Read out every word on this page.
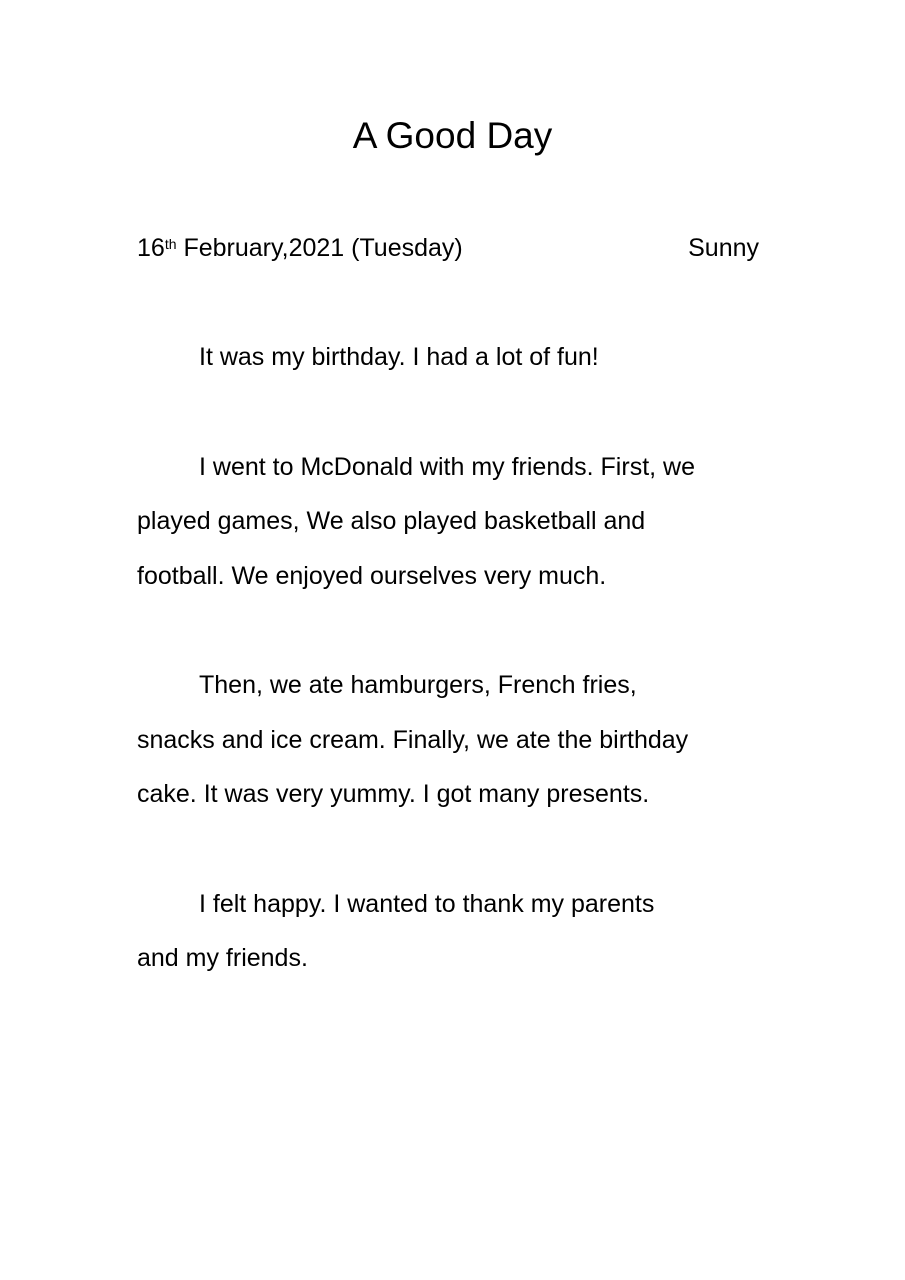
A Good Day
16th February,2021 (Tuesday)	Sunny

It was my birthday. I had a lot of fun!

I went to McDonald with my friends. First, we
played games, We also played basketball and
football. We enjoyed ourselves very much.

Then, we ate hamburgers, French fries,
snacks and ice cream. Finally, we ate the birthday
cake. It was very yummy. I got many presents.

I felt happy. I wanted to thank my parents
and my friends.
